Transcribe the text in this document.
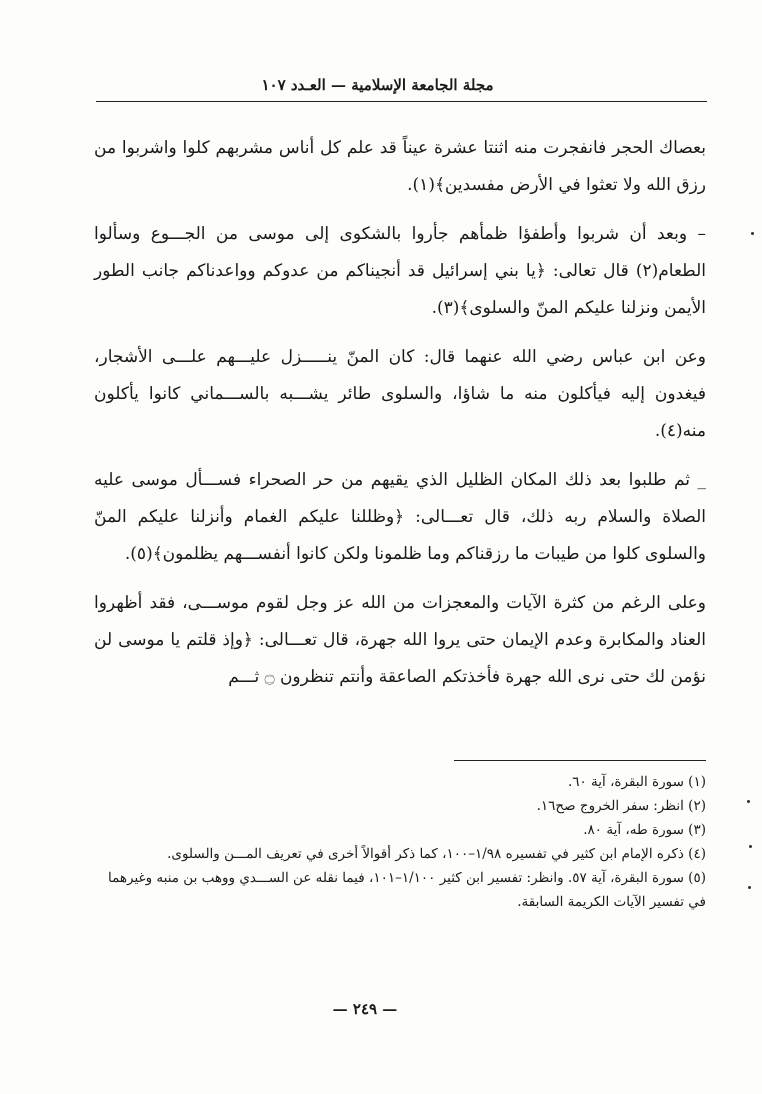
مجلة الجامعة الإسلامية — العـدد ١٠٧

بعصاك الحجر فانفجرت منه اثنتا عشرة عيناً قد علم كل أناس مشربهم كلوا واشربوا من رزق الله ولا تعثوا في الأرض مفسدين﴾(١).

– وبعد أن شربوا وأطفؤا ظمأهم جأروا بالشكوى إلى موسى من الجـــوع وسألوا الطعام(٢) قال تعالى: ﴿يا بني إسرائيل قد أنجيناكم من عدوكم وواعدناكم جانب الطور الأيمن ونزلنا عليكم المنّ والسلوى﴾(٣).

وعن ابن عباس رضي الله عنهما قال: كان المنّ ينـــــزل عليـــهم علـــى الأشجار، فيغدون إليه فيأكلون منه ما شاؤا، والسلوى طائر يشـــبه بالســـماني كانوا يأكلون منه(٤).

_ ثم طلبوا بعد ذلك المكان الظليل الذي يقيهم من حر الصحراء فســـأل موسى عليه الصلاة والسلام ربه ذلك، قال تعـــالى: ﴿وظللنا عليكم الغمام وأنزلنا عليكم المنّ والسلوى كلوا من طيبات ما رزقناكم وما ظلمونا ولكن كانوا أنفســـهم يظلمون﴾(٥).

وعلى الرغم من كثرة الآيات والمعجزات من الله عز وجل لقوم موســـى، فقد أظهروا العناد والمكابرة وعدم الإيمان حتى يروا الله جهرة، قال تعـــالى: ﴿وإذ قلتم يا موسى لن نؤمن لك حتى نرى الله جهرة فأخذتكم الصاعقة وأنتم تنظرون ۝ ثـــم

(١) سورة البقرة، آية ٦٠.

(٢) انظر: سفر الخروج صح١٦.

(٣) سورة طه، آية ٨٠.

(٤) ذكره الإمام ابن كثير في تفسيره ١/٩٨–١٠٠، كما ذكر أقوالاً أخرى في تعريف المـــن والسلوى.

(٥) سورة البقرة، آية ٥٧. وانظر: تفسير ابن كثير ١/١٠٠–١٠١، فيما نقله عن الســـدي ووهب بن منبه وغيرهما في تفسير الآيات الكريمة السابقة.

— ٢٤٩ —
